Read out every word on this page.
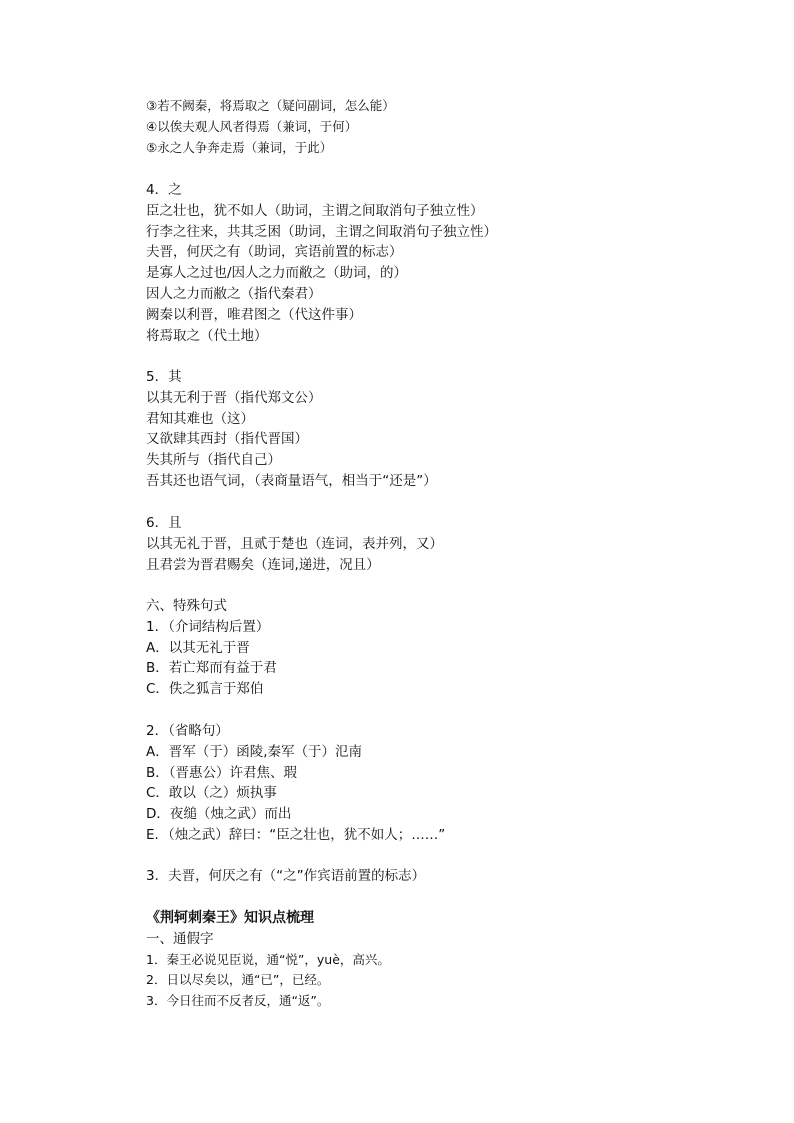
③若不阙秦，将焉取之（疑问副词，怎么能）
④以俟夫观人风者得焉（兼词，于何）
⑤永之人争奔走焉（兼词，于此）
4．之
臣之壮也，犹不如人（助词，主谓之间取消句子独立性）
行李之往来，共其乏困（助词，主谓之间取消句子独立性）
夫晋，何厌之有（助词，宾语前置的标志）
是寡人之过也/因人之力而敝之（助词，的）
因人之力而敝之（指代秦君）
阙秦以利晋，唯君图之（代这件事）
将焉取之（代土地）
5．其
以其无利于晋（指代郑文公）
君知其难也（这）
又欲肆其西封（指代晋国）
失其所与（指代自己）
吾其还也语气词，（表商量语气，相当于“还是”）
6．且
以其无礼于晋，且贰于楚也（连词，表并列，又）
且君尝为晋君赐矣（连词,递进，况且）
六、特殊句式
1．（介词结构后置）
A．以其无礼于晋
B．若亡郑而有益于君
C．佚之狐言于郑伯
2．（省略句）
A．晋军（于）函陵,秦军（于）氾南
B．（晋惠公）许君焦、瑕
C．敢以（之）烦执事
D．夜缒（烛之武）而出
E．（烛之武）辞曰：“臣之壮也，犹不如人；……”
3．夫晋，何厌之有（“之”作宾语前置的标志）
《荆轲刺秦王》知识点梳理
一、通假字
1．秦王必说见臣说，通“悦”，yuè，高兴。
2．日以尽矣以，通“已”，已经。
3．今日往而不反者反，通“返”。
